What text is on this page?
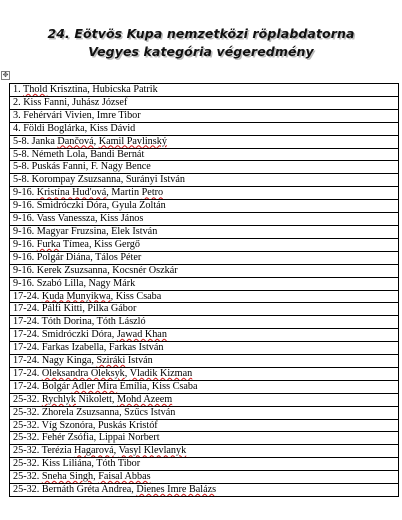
24. Eötvös Kupa nemzetközi röplabdatorna
Vegyes kategória végeredmény
✥
1. Thold Krisztina, Hubicska Patrik
2. Kiss Fanni, Juhász József
3. Fehérvári Vivien, Imre Tibor
4. Földi Boglárka, Kiss Dávid
5-8. Janka Dančová, Kamil Pavlinský
5-8. Németh Lola, Bandi Bernát
5-8. Puskás Fanni, F. Nagy Bence
5-8. Korompay Zsuzsanna, Surányi István
9-16. Kristína Hud'ová, Martin Petro
9-16. Smidróczki Dóra, Gyula Zoltán
9-16. Vass Vanessza, Kiss János
9-16. Magyar Fruzsina, Elek István
9-16. Furka Tímea, Kiss Gergő
9-16. Polgár Diána, Tálos Péter
9-16. Kerek Zsuzsanna, Kocsnér Oszkár
9-16. Szabó Lilla, Nagy Márk
17-24. Kuda Munyikwa, Kiss Csaba
17-24. Pálfi Kitti, Pilka Gábor
17-24. Tóth Dorina, Tóth László
17-24. Smidróczki Dóra, Jawad Khan
17-24. Farkas Izabella, Farkas István
17-24. Nagy Kinga, Sziráki István
17-24. Oleksandra Oleksyk, Vladik Kizman
17-24. Bolgár Adler Mira Emília, Kiss Csaba
25-32. Rychlyk Nikolett, Mohd Azeem
25-32. Zhorela Zsuzsanna, Szűcs István
25-32. Víg Szonóra, Puskás Kristóf
25-32. Fehér Zsófia, Lippai Norbert
25-32. Terézia Hagarová, Vasyl Klevlanyk
25-32. Kiss Liliána, Tóth Tibor
25-32. Sneha Singh, Faisal Abbas
25-32. Bernáth Gréta Andrea, Dienes Imre Balázs
